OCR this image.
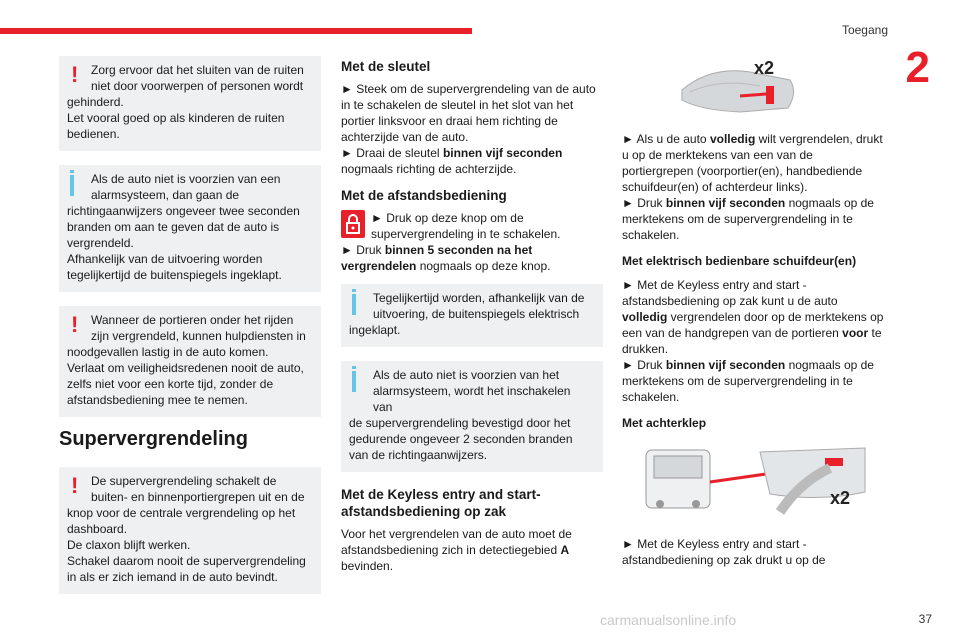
Toegang
2
!	Zorg ervoor dat het sluiten van de ruiten
niet door voorwerpen of personen wordt

gehinderd.

Let vooral goed op als kinderen de ruiten bedienen.

Als de auto niet is voorzien van een
alarmsysteem, dan gaan de

richtingaanwijzers ongeveer twee seconden branden om aan te geven dat de auto is vergrendeld.

Afhankelijk van de uitvoering worden tegelijkertijd de buitenspiegels ingeklapt.

!	Wanneer de portieren onder het rijden
zijn vergrendeld, kunnen hulpdiensten in

noodgevallen lastig in de auto komen.

Verlaat om veiligheidsredenen nooit de auto, zelfs niet voor een korte tijd, zonder de afstandsbediening mee te nemen.

Supervergrendeling
!	De supervergrendeling schakelt de
buiten- en binnenportiergrepen uit en de

knop voor de centrale vergrendeling op het dashboard.

De claxon blijft werken.

Schakel daarom nooit de supervergrendeling in als er zich iemand in de auto bevindt.

Met de sleutel

► Steek om de supervergrendeling van de auto in te schakelen de sleutel in het slot van het portier linksvoor en draai hem richting de achterzijde van de auto.

► Draai de sleutel binnen vijf seconden nogmaals richting de achterzijde.

Met de afstandsbediening

► Druk op deze knop om de supervergrendeling in te schakelen.

► Druk binnen 5 seconden na het vergrendelen nogmaals op deze knop.

Tegelijkertijd worden, afhankelijk van de
uitvoering, de buitenspiegels elektrisch

ingeklapt.

Als de auto niet is voorzien van het
alarmsysteem, wordt het inschakelen van

de supervergrendeling bevestigd door het gedurende ongeveer 2 seconden branden van de richtingaanwijzers.

Met de Keyless entry and start-afstandsbediening op zak

Voor het vergrendelen van de auto moet de afstandsbediening zich in detectiegebied A bevinden.

x2
x2

► Als u de auto volledig wilt vergrendelen, drukt u op de merktekens van een van de portiergrepen (voorportier(en), handbediende schuifdeur(en) of achterdeur links).

► Druk binnen vijf seconden nogmaals op de merktekens om de supervergrendeling in te schakelen.

Met elektrisch bedienbare schuifdeur(en)

► Met de Keyless entry and start -afstandsbediening op zak kunt u de auto volledig vergrendelen door op de merktekens op een van de handgrepen van de portieren voor te drukken.

► Druk binnen vijf seconden nogmaals op de merktekens om de supervergrendeling in te schakelen.

Met achterklep

► Met de Keyless entry and start -afstandbediening op zak drukt u op de

carmanualsonline.info	37
